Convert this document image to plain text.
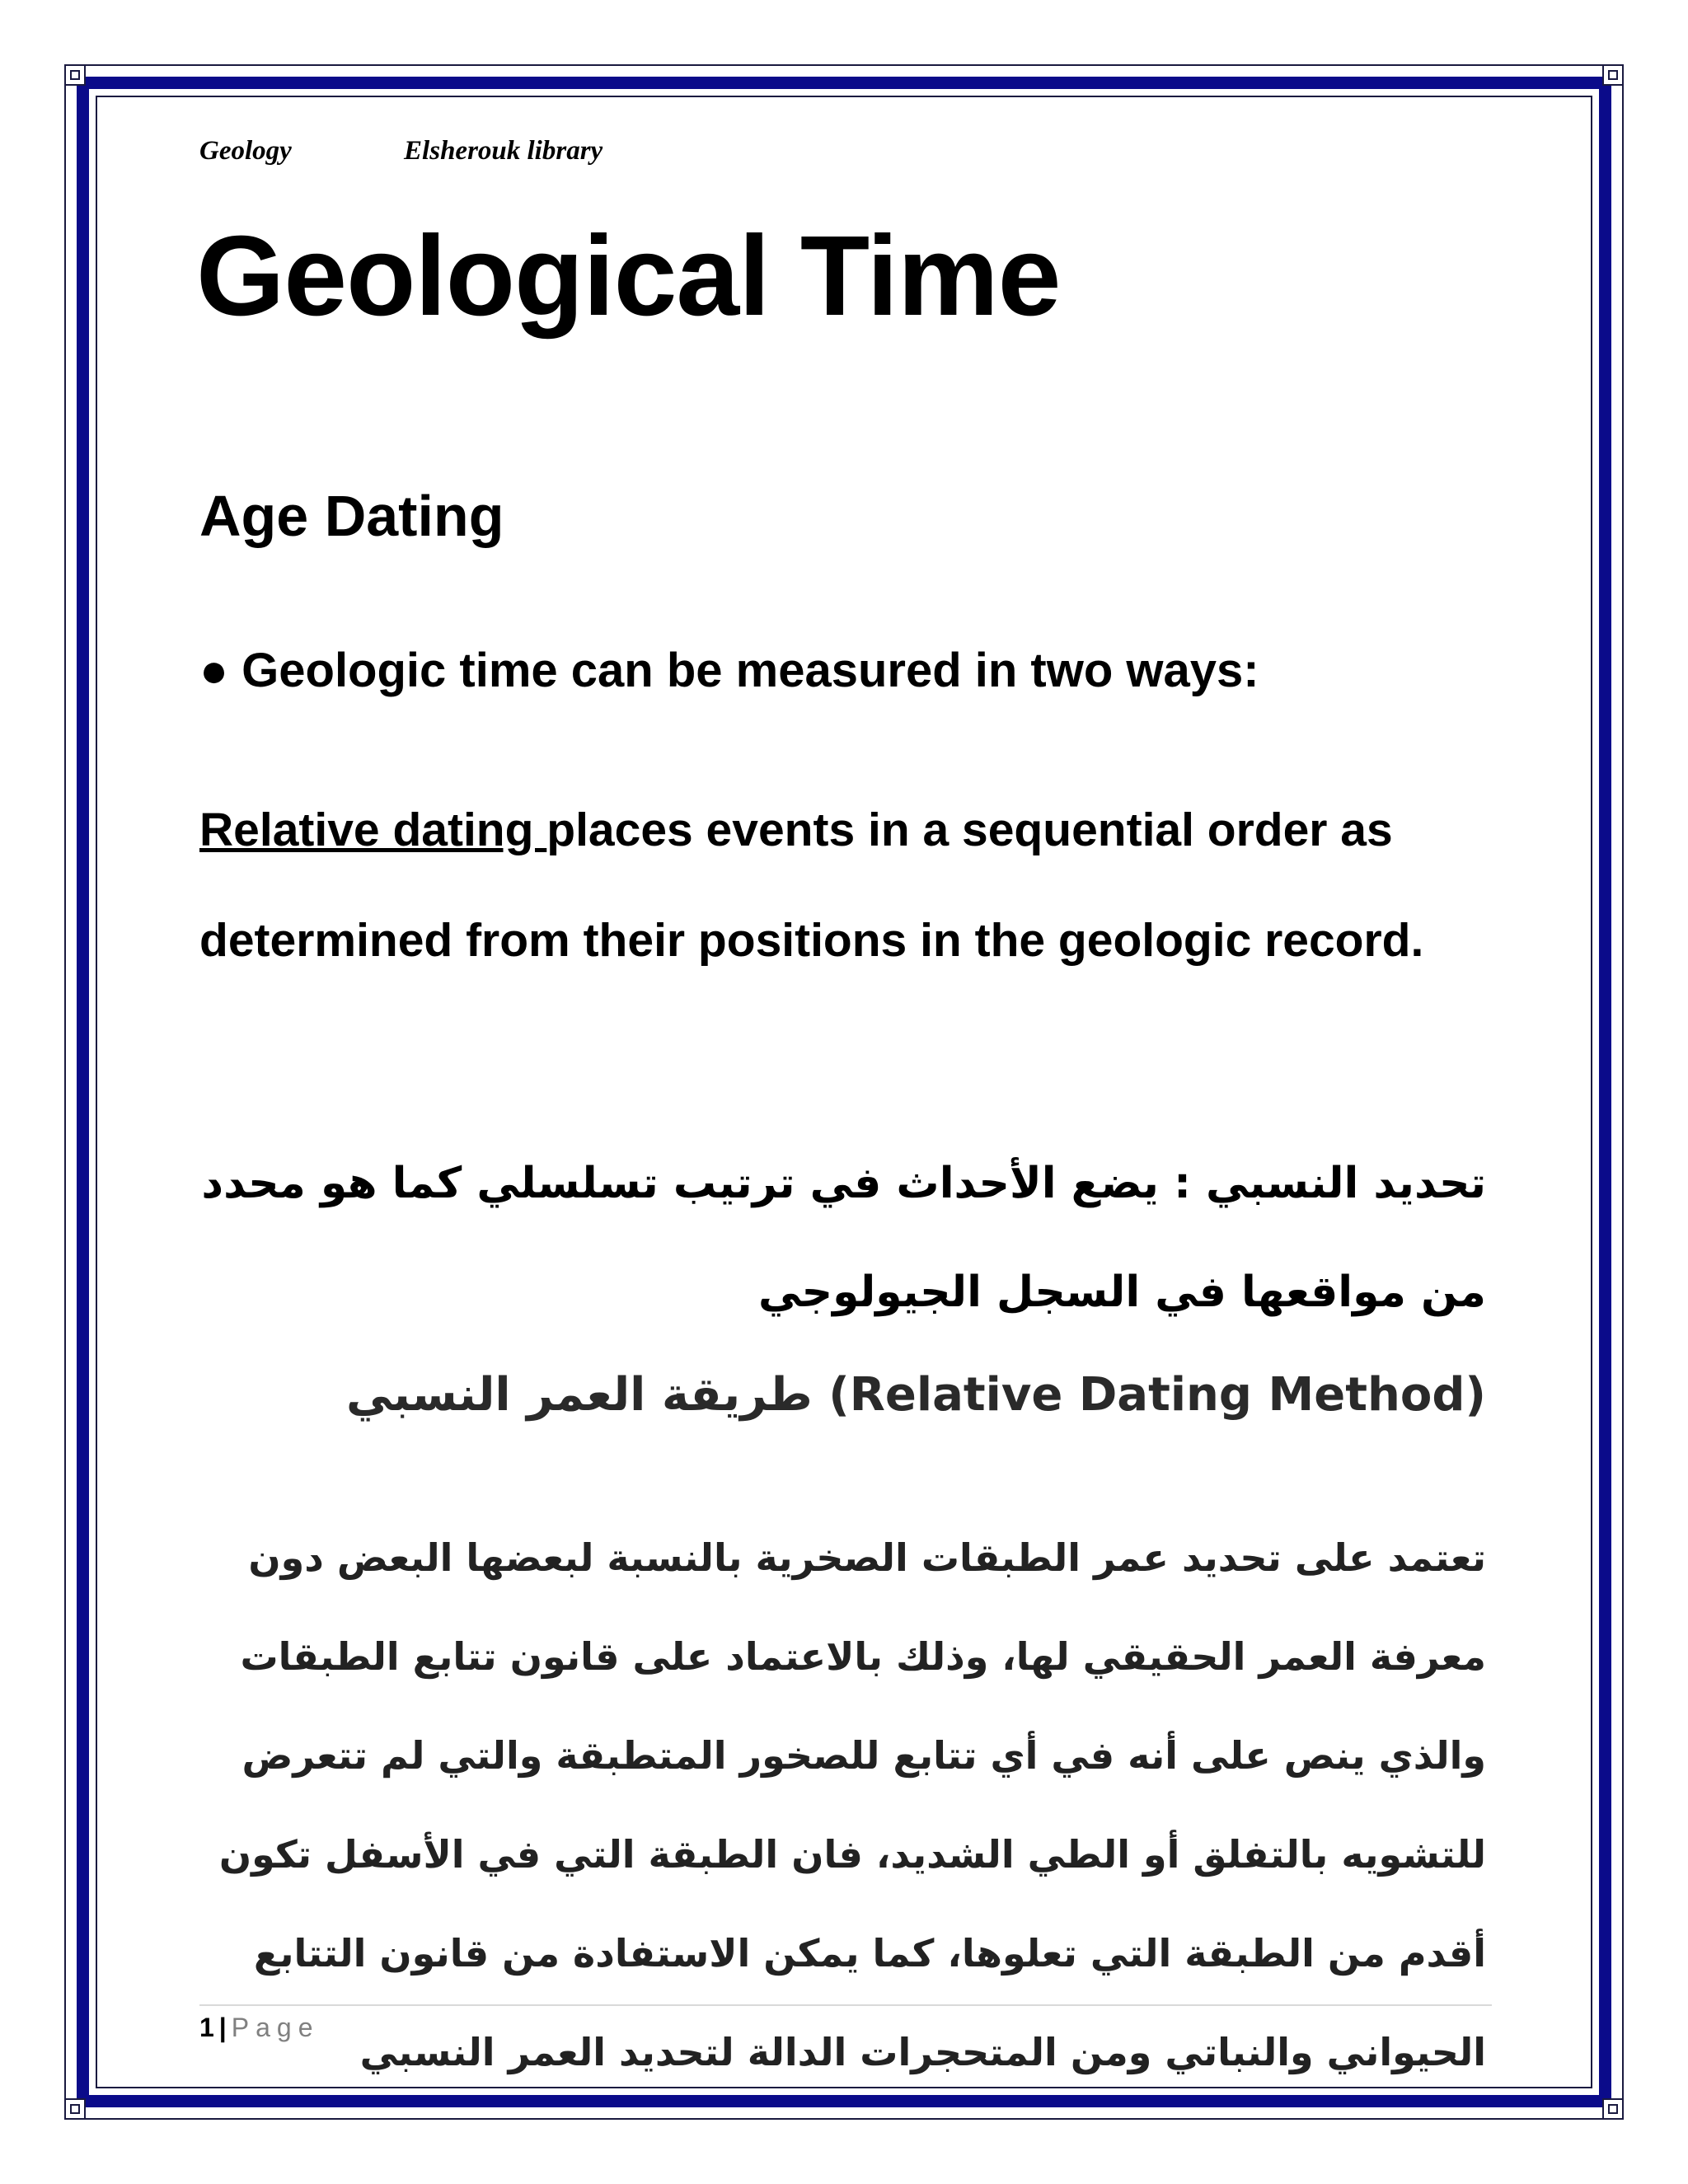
Geology	Elsherouk library
Geological Time
Age Dating
● Geologic time can be measured in two ways:
Relative dating places events in a sequential order as determined from their positions in the geologic record.
تحديد النسبي : يضع الأحداث في ترتيب تسلسلي كما هو محدد من مواقعها في السجل الجيولوجي
(Relative Dating Method) طريقة العمر النسبي
تعتمد على تحديد عمر الطبقات الصخرية بالنسبة لبعضها البعض دون معرفة العمر الحقيقي لها، وذلك بالاعتماد على قانون تتابع الطبقات والذي ينص على أنه في أي تتابع للصخور المتطبقة والتي لم تتعرض للتشويه بالتفلق أو الطي الشديد، فان الطبقة التي في الأسفل تكون أقدم من الطبقة التي تعلوها، كما يمكن الاستفادة من قانون التتابع الحيواني والنباتي ومن المتحجرات الدالة لتحديد العمر النسبي
1 | Page
